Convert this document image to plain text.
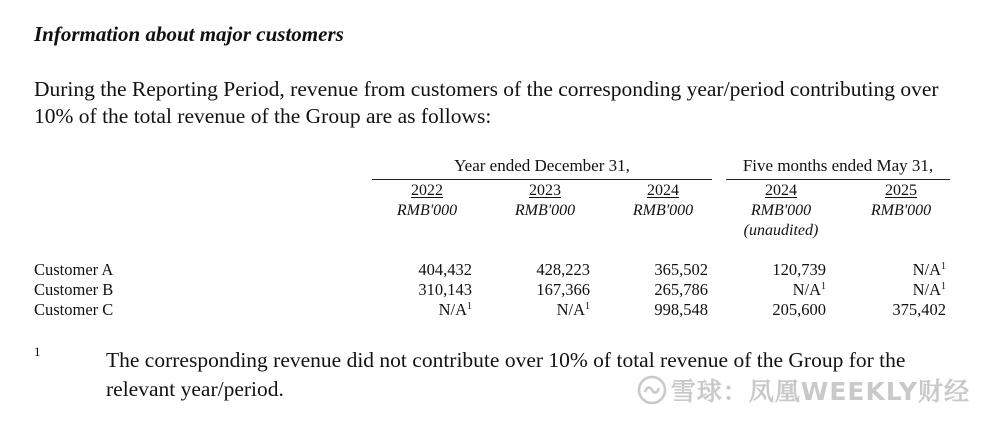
Information about major customers
During the Reporting Period, revenue from customers of the corresponding year/period contributing over 10% of the total revenue of the Group are as follows:
Year ended December 31,	Five months ended May 31,
2022
RMB'000
2023
RMB'000
2024
RMB'000
2024
RMB'000
(unaudited)
2025
RMB'000
Customer A	404,432	428,223	365,502	120,739	$N/A^1$
Customer B	310,143	167,366	265,786	$N/A^1$	$N/A^1$
Customer C	$N/A^1$	$N/A^1$	998,548	205,600	375,402
1	The corresponding revenue did not contribute over 10% of total revenue of the Group for the relevant year/period.	雪球：凤凰WEEKLY财经
